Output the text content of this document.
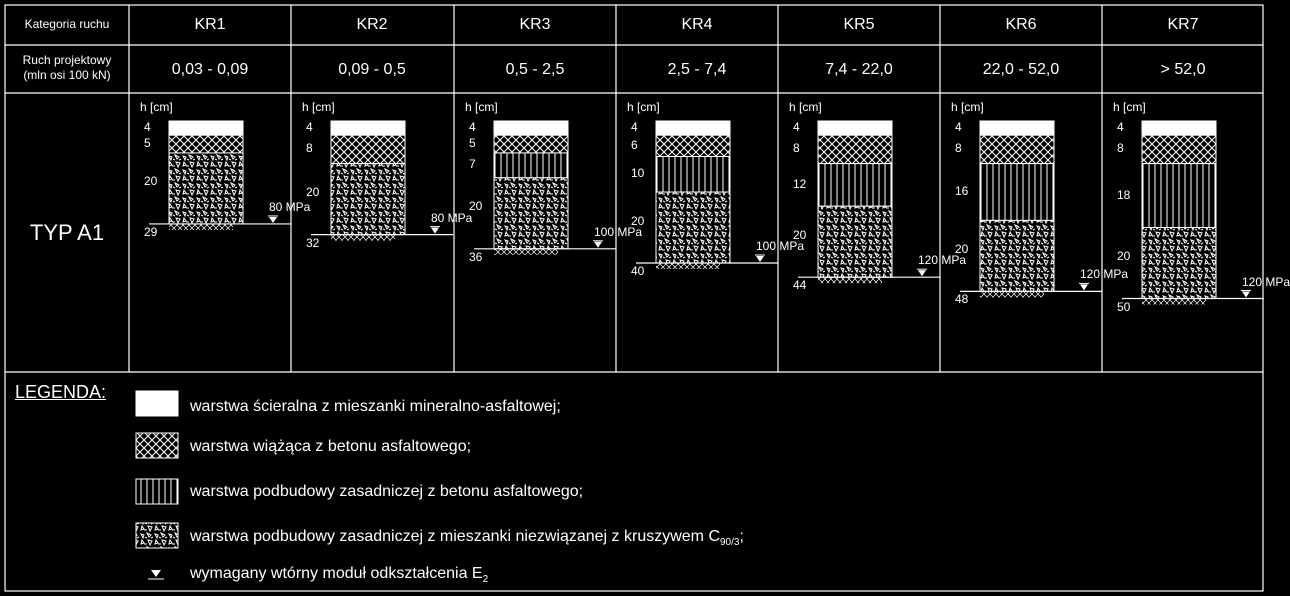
Kategoria ruchu
Ruch projektowy
(mln osi 100 kN)
TYP A1
KR1
0,03 - 0,09
h [cm]
4
5
20
29
80 MPa
KR2
0,09 - 0,5
h [cm]
4
8
20
32
80 MPa
KR3
0,5 - 2,5
h [cm]
4
5
7
20
36
100 MPa
KR4
2,5 - 7,4
h [cm]
4
6
10
20
40
100 MPa
KR5
7,4 - 22,0
h [cm]
4
8
12
20
44
120 MPa
KR6
22,0 - 52,0
h [cm]
4
8
16
20
48
120 MPa
KR7
> 52,0
h [cm]
4
8
18
20
50
120 MPa
LEGENDA:
warstwa ścieralna z mieszanki mineralno-asfaltowej;
warstwa wiążąca z betonu asfaltowego;
warstwa podbudowy zasadniczej z betonu asfaltowego;
warstwa podbudowy zasadniczej z mieszanki niezwiązanej z kruszywem $C_{90/3}$;
wymagany wtórny moduł odkształcenia $E_2$
